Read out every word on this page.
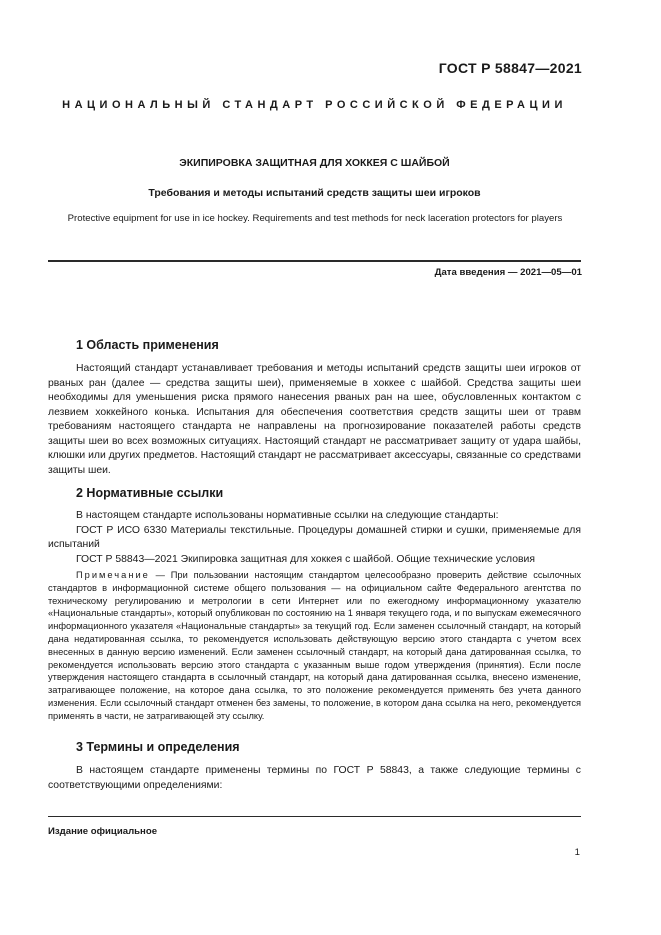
ГОСТ Р 58847—2021
НАЦИОНАЛЬНЫЙ СТАНДАРТ РОССИЙСКОЙ ФЕДЕРАЦИИ
ЭКИПИРОВКА ЗАЩИТНАЯ ДЛЯ ХОККЕЯ С ШАЙБОЙ
Требования и методы испытаний средств защиты шеи игроков
Protective equipment for use in ice hockey. Requirements and test methods for neck laceration protectors for players
Дата введения — 2021—05—01
1 Область применения

Настоящий стандарт устанавливает требования и методы испытаний средств защиты шеи игроков от рваных ран (далее — средства защиты шеи), применяемые в хоккее с шайбой. Средства защиты шеи необходимы для уменьшения риска прямого нанесения рваных ран на шее, обусловленных контактом с лезвием хоккейного конька. Испытания для обеспечения соответствия средств защиты шеи от травм требованиям настоящего стандарта не направлены на прогнозирование показателей работы средств защиты шеи во всех возможных ситуациях. Настоящий стандарт не рассматривает защиту от удара шайбы, клюшки или других предметов. Настоящий стандарт не рассматривает аксессуары, связанные со средствами защиты шеи.

2 Нормативные ссылки

В настоящем стандарте использованы нормативные ссылки на следующие стандарты:

ГОСТ Р ИСО 6330 Материалы текстильные. Процедуры домашней стирки и сушки, применяемые для испытаний

ГОСТ Р 58843—2021 Экипировка защитная для хоккея с шайбой. Общие технические условия

Примечание — При пользовании настоящим стандартом целесообразно проверить действие ссылочных стандартов в информационной системе общего пользования — на официальном сайте Федерального агентства по техническому регулированию и метрологии в сети Интернет или по ежегодному информационному указателю «Национальные стандарты», который опубликован по состоянию на 1 января текущего года, и по выпускам ежемесячного информационного указателя «Национальные стандарты» за текущий год. Если заменен ссылочный стандарт, на который дана недатированная ссылка, то рекомендуется использовать действующую версию этого стандарта с учетом всех внесенных в данную версию изменений. Если заменен ссылочный стандарт, на который дана датированная ссылка, то рекомендуется использовать версию этого стандарта с указанным выше годом утверждения (принятия). Если после утверждения настоящего стандарта в ссылочный стандарт, на который дана датированная ссылка, внесено изменение, затрагивающее положение, на которое дана ссылка, то это положение рекомендуется применять без учета данного изменения. Если ссылочный стандарт отменен без замены, то положение, в котором дана ссылка на него, рекомендуется применять в части, не затрагивающей эту ссылку.
3 Термины и определения

В настоящем стандарте применены термины по ГОСТ Р 58843, а также следующие термины с соответствующими определениями:

Издание официальное
1
